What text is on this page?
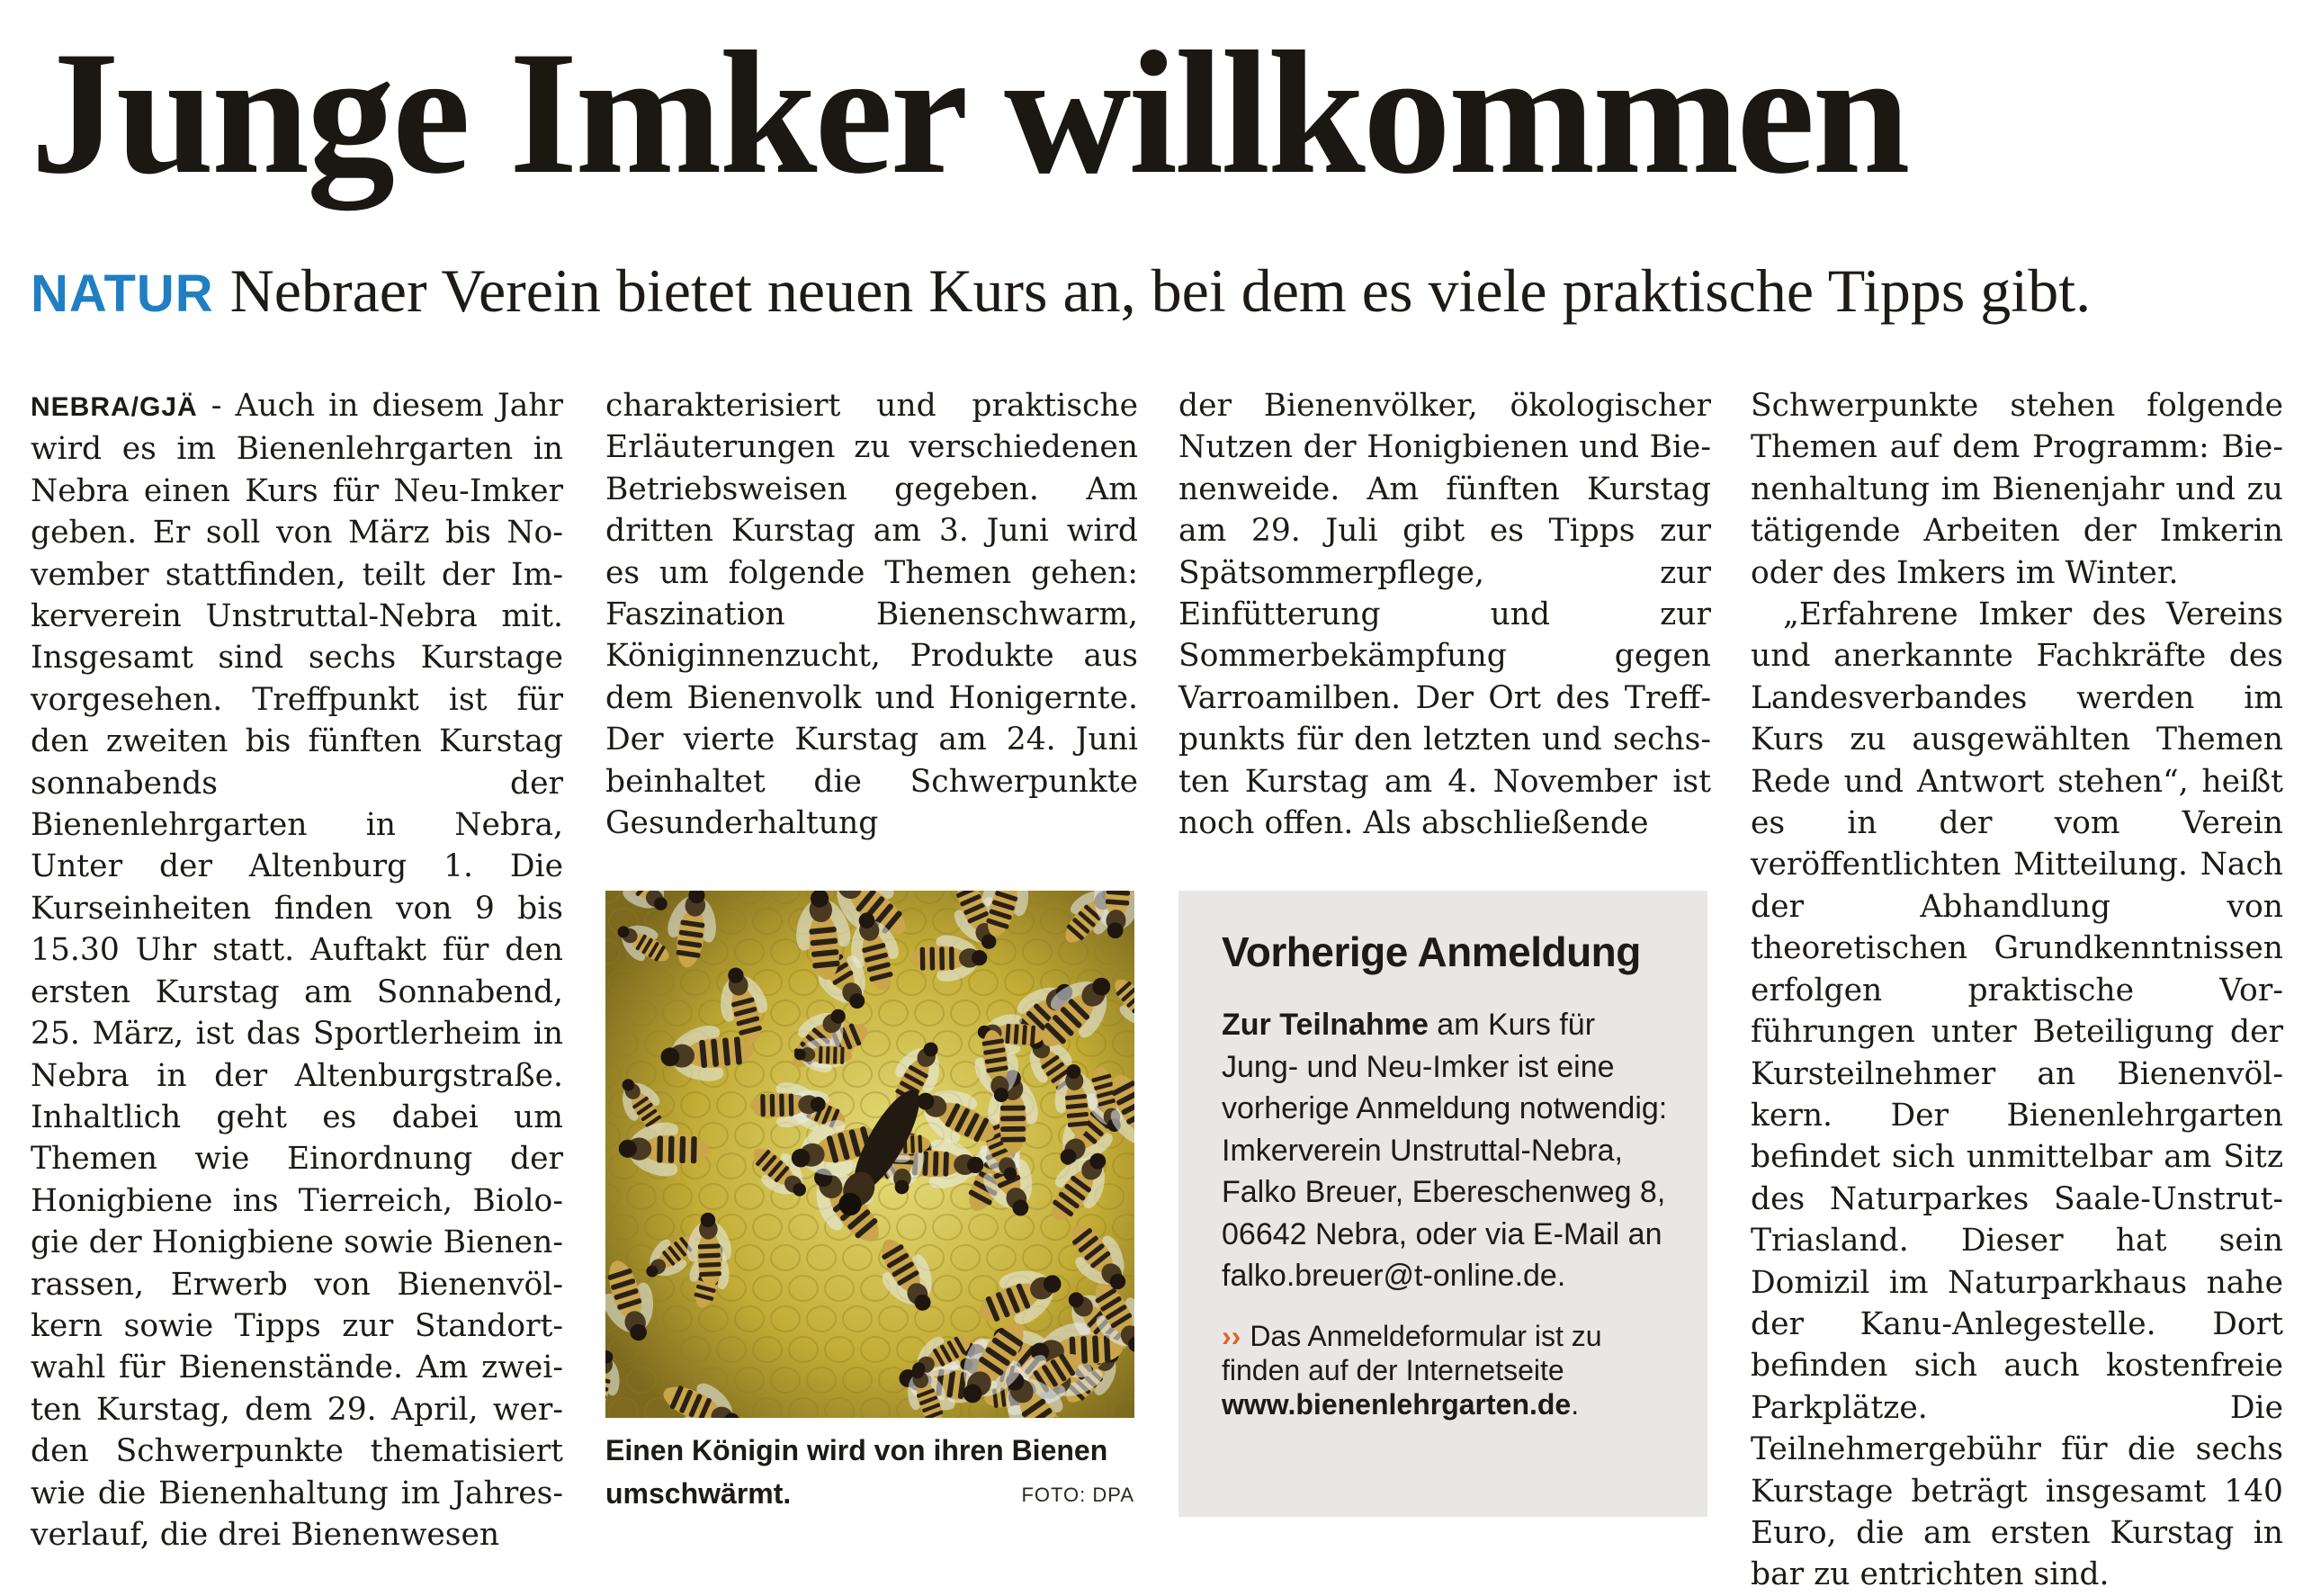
Junge Imker willkommen

NATUR Nebraer Verein bietet neuen Kurs an, bei dem es viele praktische Tipps gibt.

NEBRA/GJÄ - Auch in diesem Jahr wird es im Bienenlehrgarten in Nebra einen Kurs für Neu-Imker geben. Er soll von März bis November stattfinden, teilt der Imkerverein Unstruttal-Nebra mit. Insgesamt sind sechs Kurstage vorgesehen. Treffpunkt ist für den zweiten bis fünften Kurstag sonnabends der Bienenlehrgarten in Nebra, Unter der Altenburg 1. Die Kurseinheiten finden von 9 bis 15.30 Uhr statt. Auftakt für den ersten Kurstag am Sonnabend, 25. März, ist das Sportlerheim in Nebra in der Altenburgstraße. Inhaltlich geht es dabei um Themen wie Einordnung der Honigbiene ins Tierreich, Biologie der Honigbiene sowie Bienenrassen, Erwerb von Bienenvölkern sowie Tipps zur Standortwahl für Bienenstände. Am zweiten Kurstag, dem 29. April, werden Schwerpunkte thematisiert wie die Bienenhaltung im Jahresverlauf, die drei Bienenwesen

charakterisiert und praktische Erläuterungen zu verschiedenen Betriebsweisen gegeben. Am dritten Kurstag am 3. Juni wird es um folgende Themen gehen: Faszination Bienenschwarm, Königinnenzucht, Produkte aus dem Bienenvolk und Honigernte. Der vierte Kurstag am 24. Juni beinhaltet die Schwerpunkte Gesunderhaltung

der Bienenvölker, ökologischer Nutzen der Honigbienen und Bienenweide. Am fünften Kurstag am 29. Juli gibt es Tipps zur Spätsommerpflege, zur Einfütterung und zur Sommerbekämpfung gegen Varroamilben. Der Ort des Treffpunkts für den letzten und sechsten Kurstag am 4. November ist noch offen. Als abschließende

Schwerpunkte stehen folgende Themen auf dem Programm: Bienenhaltung im Bienenjahr und zu tätigende Arbeiten der Imkerin oder des Imkers im Winter.

„Erfahrene Imker des Vereins und anerkannte Fachkräfte des Landesverbandes werden im Kurs zu ausgewählten Themen Rede und Antwort stehen“, heißt es in der vom Verein veröffentlichten Mitteilung. Nach der Abhandlung von theoretischen Grundkenntnissen erfolgen praktische Vorführungen unter Beteiligung der Kursteilnehmer an Bienenvölkern. Der Bienenlehrgarten befindet sich unmittelbar am Sitz des Naturparkes Saale-Unstrut-Triasland. Dieser hat sein Domizil im Naturparkhaus nahe der Kanu-Anlegestelle. Dort befinden sich auch kostenfreie Parkplätze. Die Teilnehmergebühr für die sechs Kurstage beträgt insgesamt 140 Euro, die am ersten Kurstag in bar zu entrichten sind.

Einen Königin wird von ihren Bienen umschwärmt.	FOTO: DPA

Vorherige Anmeldung

Zur Teilnahme am Kurs für Jung- und Neu-Imker ist eine vorherige Anmeldung notwendig: Imkerverein Unstruttal-Nebra, Falko Breuer, Ebereschenweg 8, 06642 Nebra, oder via E-Mail an falko.breuer@t-online.de.

›› Das Anmeldeformular ist zu finden auf der Internetseite www.bienenlehrgarten.de.
